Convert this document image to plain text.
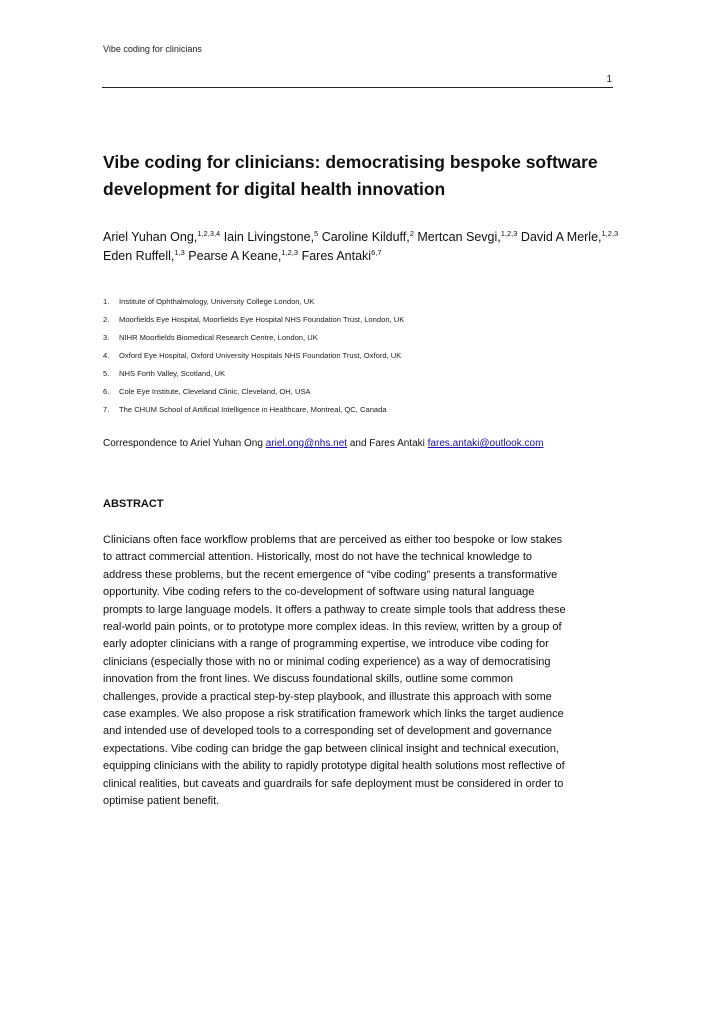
Vibe coding for clinicians
1
Vibe coding for clinicians: democratising bespoke software
development for digital health innovation
Ariel Yuhan Ong,$^{1,2,3,4}$ Iain Livingstone,$^5$ Caroline Kilduff,$^2$ Mertcan Sevgi,$^{1,2,3}$ David A Merle,$^{1,2,3}$ Eden Ruffell,$^{1,3}$ Pearse A Keane,$^{1,2,3}$ Fares Antaki$^{6,7}$
1. Institute of Ophthalmology, University College London, UK
2. Moorfields Eye Hospital, Moorfields Eye Hospital NHS Foundation Trust, London, UK
3. NIHR Moorfields Biomedical Research Centre, London, UK
4. Oxford Eye Hospital, Oxford University Hospitals NHS Foundation Trust, Oxford, UK
5. NHS Forth Valley, Scotland, UK
6. Cole Eye Institute, Cleveland Clinic, Cleveland, OH, USA
7. The CHUM School of Artificial Intelligence in Healthcare, Montreal, QC, Canada
Correspondence to Ariel Yuhan Ong ariel.ong@nhs.net and Fares Antaki fares.antaki@outlook.com
ABSTRACT

Clinicians often face workflow problems that are perceived as either too bespoke or low stakes
to attract commercial attention. Historically, most do not have the technical knowledge to
address these problems, but the recent emergence of “vibe coding” presents a transformative
opportunity. Vibe coding refers to the co-development of software using natural language
prompts to large language models. It offers a pathway to create simple tools that address these
real-world pain points, or to prototype more complex ideas. In this review, written by a group of
early adopter clinicians with a range of programming expertise, we introduce vibe coding for
clinicians (especially those with no or minimal coding experience) as a way of democratising
innovation from the front lines. We discuss foundational skills, outline some common
challenges, provide a practical step-by-step playbook, and illustrate this approach with some
case examples. We also propose a risk stratification framework which links the target audience
and intended use of developed tools to a corresponding set of development and governance
expectations. Vibe coding can bridge the gap between clinical insight and technical execution,
equipping clinicians with the ability to rapidly prototype digital health solutions most reflective of
clinical realities, but caveats and guardrails for safe deployment must be considered in order to
optimise patient benefit.
